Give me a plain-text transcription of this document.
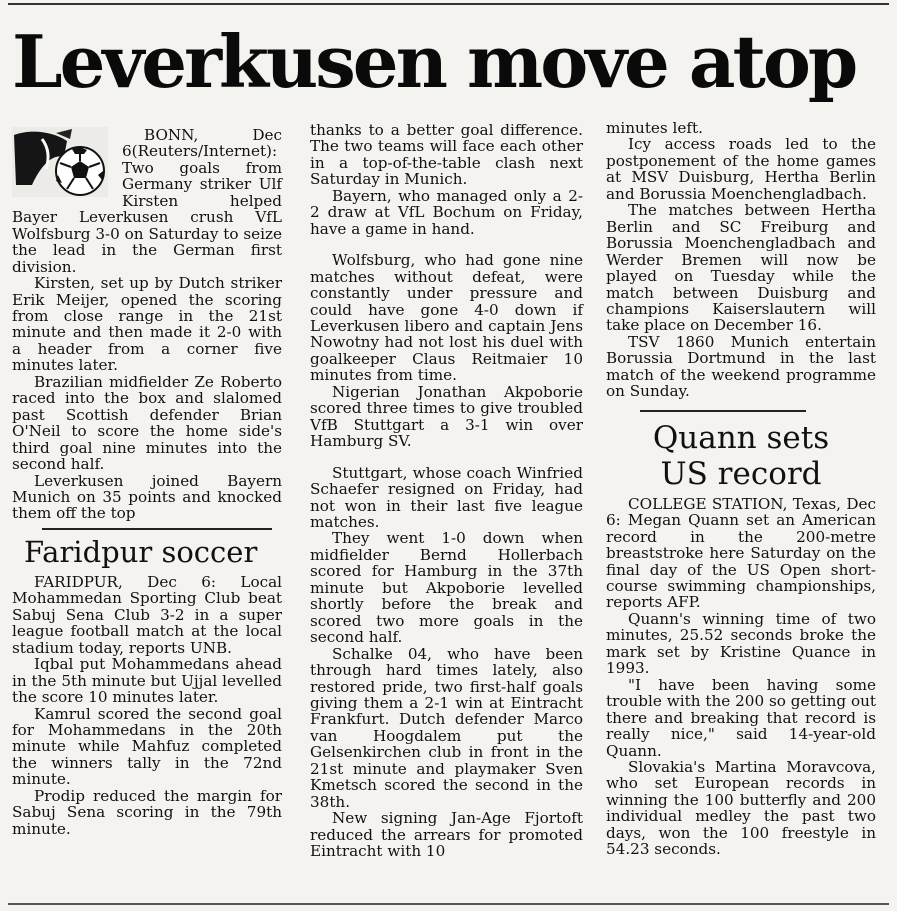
Leverkusen move atop

BONN, Dec 6(Reuters/Internet): Two goals from Germany striker Ulf Kirsten helped Bayer Leverkusen crush VfL Wolfsburg 3-0 on Saturday to seize the lead in the German first division.

Kirsten, set up by Dutch striker Erik Meijer, opened the scoring from close range in the 21st minute and then made it 2-0 with a header from a corner five minutes later.

Brazilian midfielder Ze Roberto raced into the box and slalomed past Scottish defender Brian O'Neil to score the home side's third goal nine minutes into the second half.

Leverkusen joined Bayern Munich on 35 points and knocked them off the top

Faridpur soccer

FARIDPUR, Dec 6: Local Mohammedan Sporting Club beat Sabuj Sena Club 3-2 in a super league football match at the local stadium today, reports UNB.

Iqbal put Mohammedans ahead in the 5th minute but Ujjal levelled the score 10 minutes later.

Kamrul scored the second goal for Mohammedans in the 20th minute while Mahfuz completed the winners tally in the 72nd minute.

Prodip reduced the margin for Sabuj Sena scoring in the 79th minute.

thanks to a better goal difference. The two teams will face each other in a top-of-the-table clash next Saturday in Munich.

Bayern, who managed only a 2-2 draw at VfL Bochum on Friday, have a game in hand.

Wolfsburg, who had gone nine matches without defeat, were constantly under pressure and could have gone 4-0 down if Leverkusen libero and captain Jens Nowotny had not lost his duel with goalkeeper Claus Reitmaier 10 minutes from time.

Nigerian Jonathan Akpoborie scored three times to give troubled VfB Stuttgart a 3-1 win over Hamburg SV.

Stuttgart, whose coach Winfried Schaefer resigned on Friday, had not won in their last five league matches.

They went 1-0 down when midfielder Bernd Hollerbach scored for Hamburg in the 37th minute but Akpoborie levelled shortly before the break and scored two more goals in the second half.

Schalke 04, who have been through hard times lately, also restored pride, two first-half goals giving them a 2-1 win at Eintracht Frankfurt. Dutch defender Marco van Hoogdalem put the Gelsenkirchen club in front in the 21st minute and playmaker Sven Kmetsch scored the second in the 38th.

New signing Jan-Age Fjortoft reduced the arrears for promoted Eintracht with 10

minutes left.

Icy access roads led to the postponement of the home games at MSV Duisburg, Hertha Berlin and Borussia Moenchengladbach.

The matches between Hertha Berlin and SC Freiburg and Borussia Moenchengladbach and Werder Bremen will now be played on Tuesday while the match between Duisburg and champions Kaiserslautern will take place on December 16.

TSV 1860 Munich entertain Borussia Dortmund in the last match of the weekend programme on Sunday.

Quann sets US record

COLLEGE STATION, Texas, Dec 6: Megan Quann set an American record in the 200-metre breaststroke here Saturday on the final day of the US Open short-course swimming championships, reports AFP.

Quann's winning time of two minutes, 25.52 seconds broke the mark set by Kristine Quance in 1993.

"I have been having some trouble with the 200 so getting out there and breaking that record is really nice," said 14-year-old Quann.

Slovakia's Martina Moravcova, who set European records in winning the 100 butterfly and 200 individual medley the past two days, won the 100 freestyle in 54.23 seconds.
